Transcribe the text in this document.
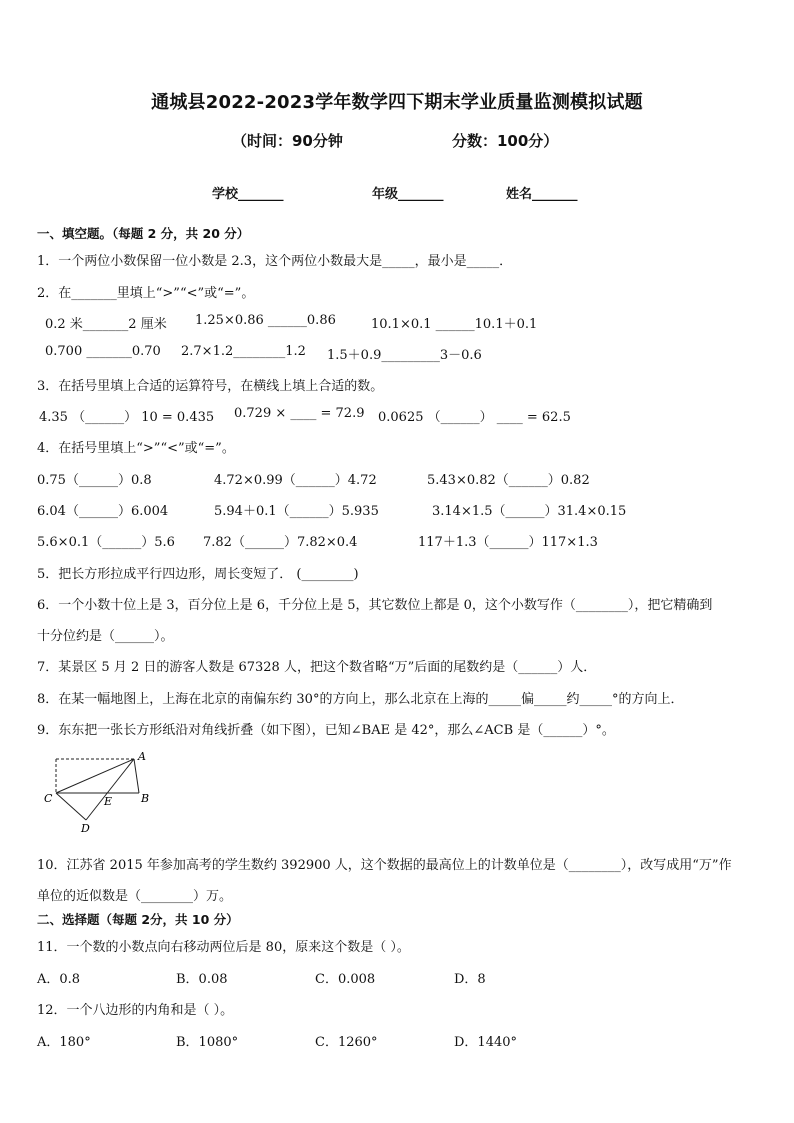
通城县2022-2023学年数学四下期末学业质量监测模拟试题
（时间：90分钟	分数：100分）
学校_______	年级_______	姓名_______
一、填空题。（每题 2 分，共 20 分）
1．一个两位小数保留一位小数是 2.3，这个两位小数最大是_____，最小是_____．
2．在_______里填上“>”“<”或“=”。
0.2 米_______2 厘米 1.25×0.86 ______0.86	10.1×0.1 ______10.1＋0.1
0.700 _______0.70 2.7×1.2________1.2 1.5＋0.9_________3－0.6
3．在括号里填上合适的运算符号，在横线上填上合适的数。
4.35 （______） 10 = 0.435 0.729 × ____ = 72.9 0.0625 （______） ____ = 62.5
4．在括号里填上“>”“<”或“=”。
0.75（______）0.8	4.72×0.99（______）4.72	5.43×0.82（______）0.82
6.04（______）6.004	5.94＋0.1（______）5.935	3.14×1.5（______）31.4×0.15
5.6×0.1（______）5.6 7.82（______）7.82×0.4	117＋1.3（______）117×1.3
5．把长方形拉成平行四边形，周长变短了． (________)
6．一个小数十位上是 3，百分位上是 6，千分位上是 5，其它数位上都是 0，这个小数写作（________），把它精确到
十分位约是（______）。
7．某景区 5 月 2 日的游客人数是 67328 人，把这个数省略“万”后面的尾数约是（______）人．
8．在某一幅地图上，上海在北京的南偏东约 30°的方向上，那么北京在上海的_____偏_____约_____°的方向上．
9．东东把一张长方形纸沿对角线折叠（如下图），已知∠BAE 是 42°，那么∠ACB 是（______）°。
A
B
C
D
E
10．江苏省 2015 年参加高考的学生数约 392900 人，这个数据的最高位上的计数单位是（________），改写成用“万”作
单位的近似数是（________）万。
二、选择题（每题 2分，共 10 分）
11．一个数的小数点向右移动两位后是 80，原来这个数是（ ）。
A．0.8	B．0.08	C．0.008	D．8
12．一个八边形的内角和是（ ）。
A．180°	B．1080°	C．1260°	D．1440°
